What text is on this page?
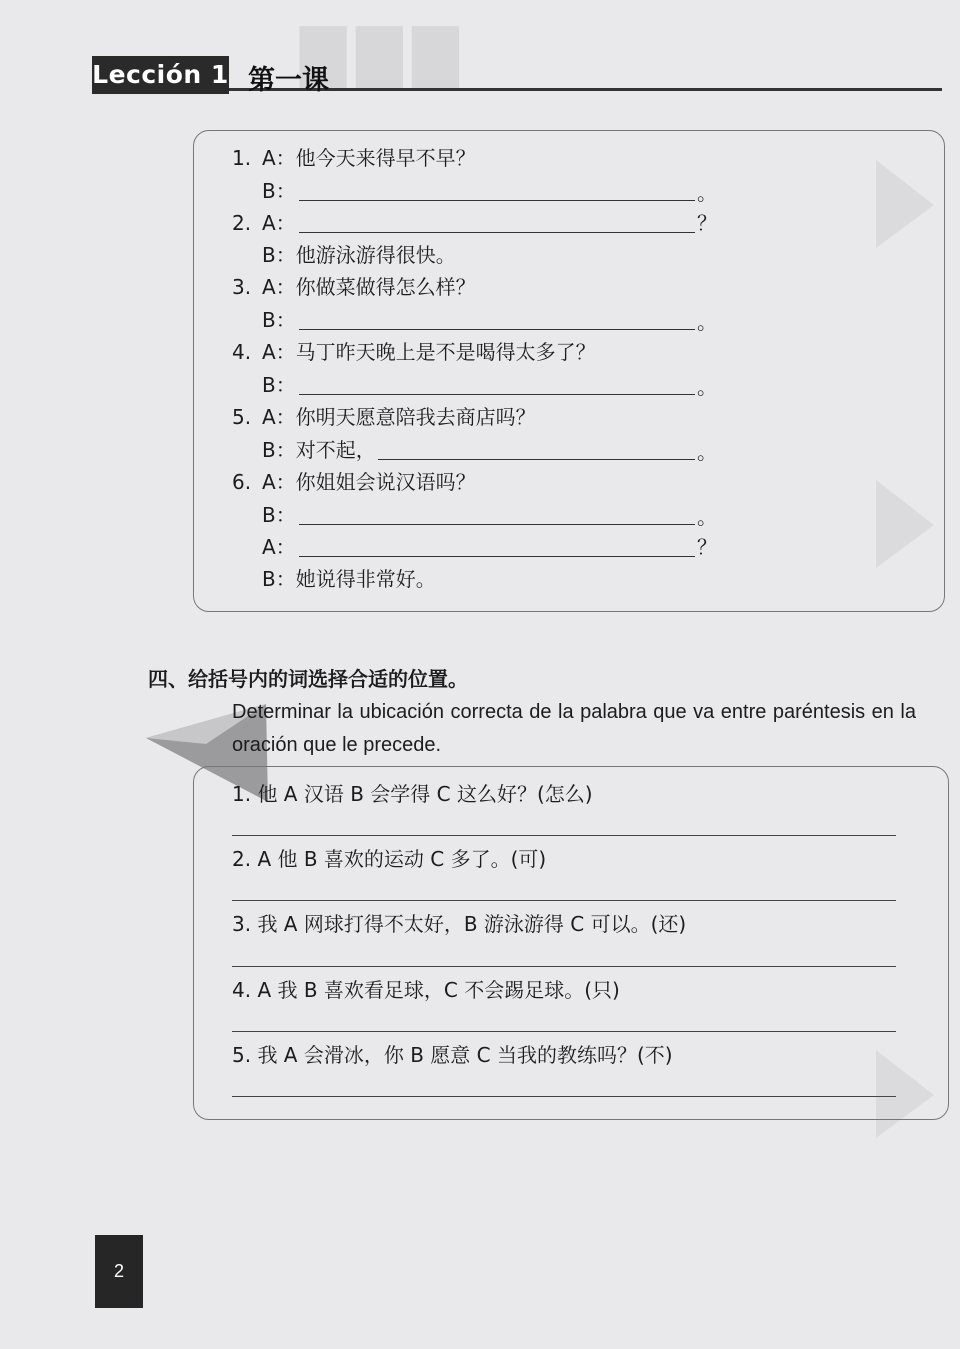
▇▇▇
Lección 1 第一课
1. A：他今天来得早不早？
B：	。
2. A：	？
B：他游泳游得很快。
3. A：你做菜做得怎么样？
B：	。
4. A：马丁昨天晚上是不是喝得太多了？
B：	。
5. A：你明天愿意陪我去商店吗？
B：对不起，	。
6. A：你姐姐会说汉语吗？
B：	。
A：	？
B：她说得非常好。
四、给括号内的词选择合适的位置。
Determinar la ubicación correcta de la palabra que va entre paréntesis en la oración que le precede.
1. 他 A 汉语 B 会学得 C 这么好？(怎么)
2. A 他 B 喜欢的运动 C 多了。(可)
3. 我 A 网球打得不太好，B 游泳游得 C 可以。(还)
4. A 我 B 喜欢看足球，C 不会踢足球。(只)
5. 我 A 会滑冰，你 B 愿意 C 当我的教练吗？(不)
2
